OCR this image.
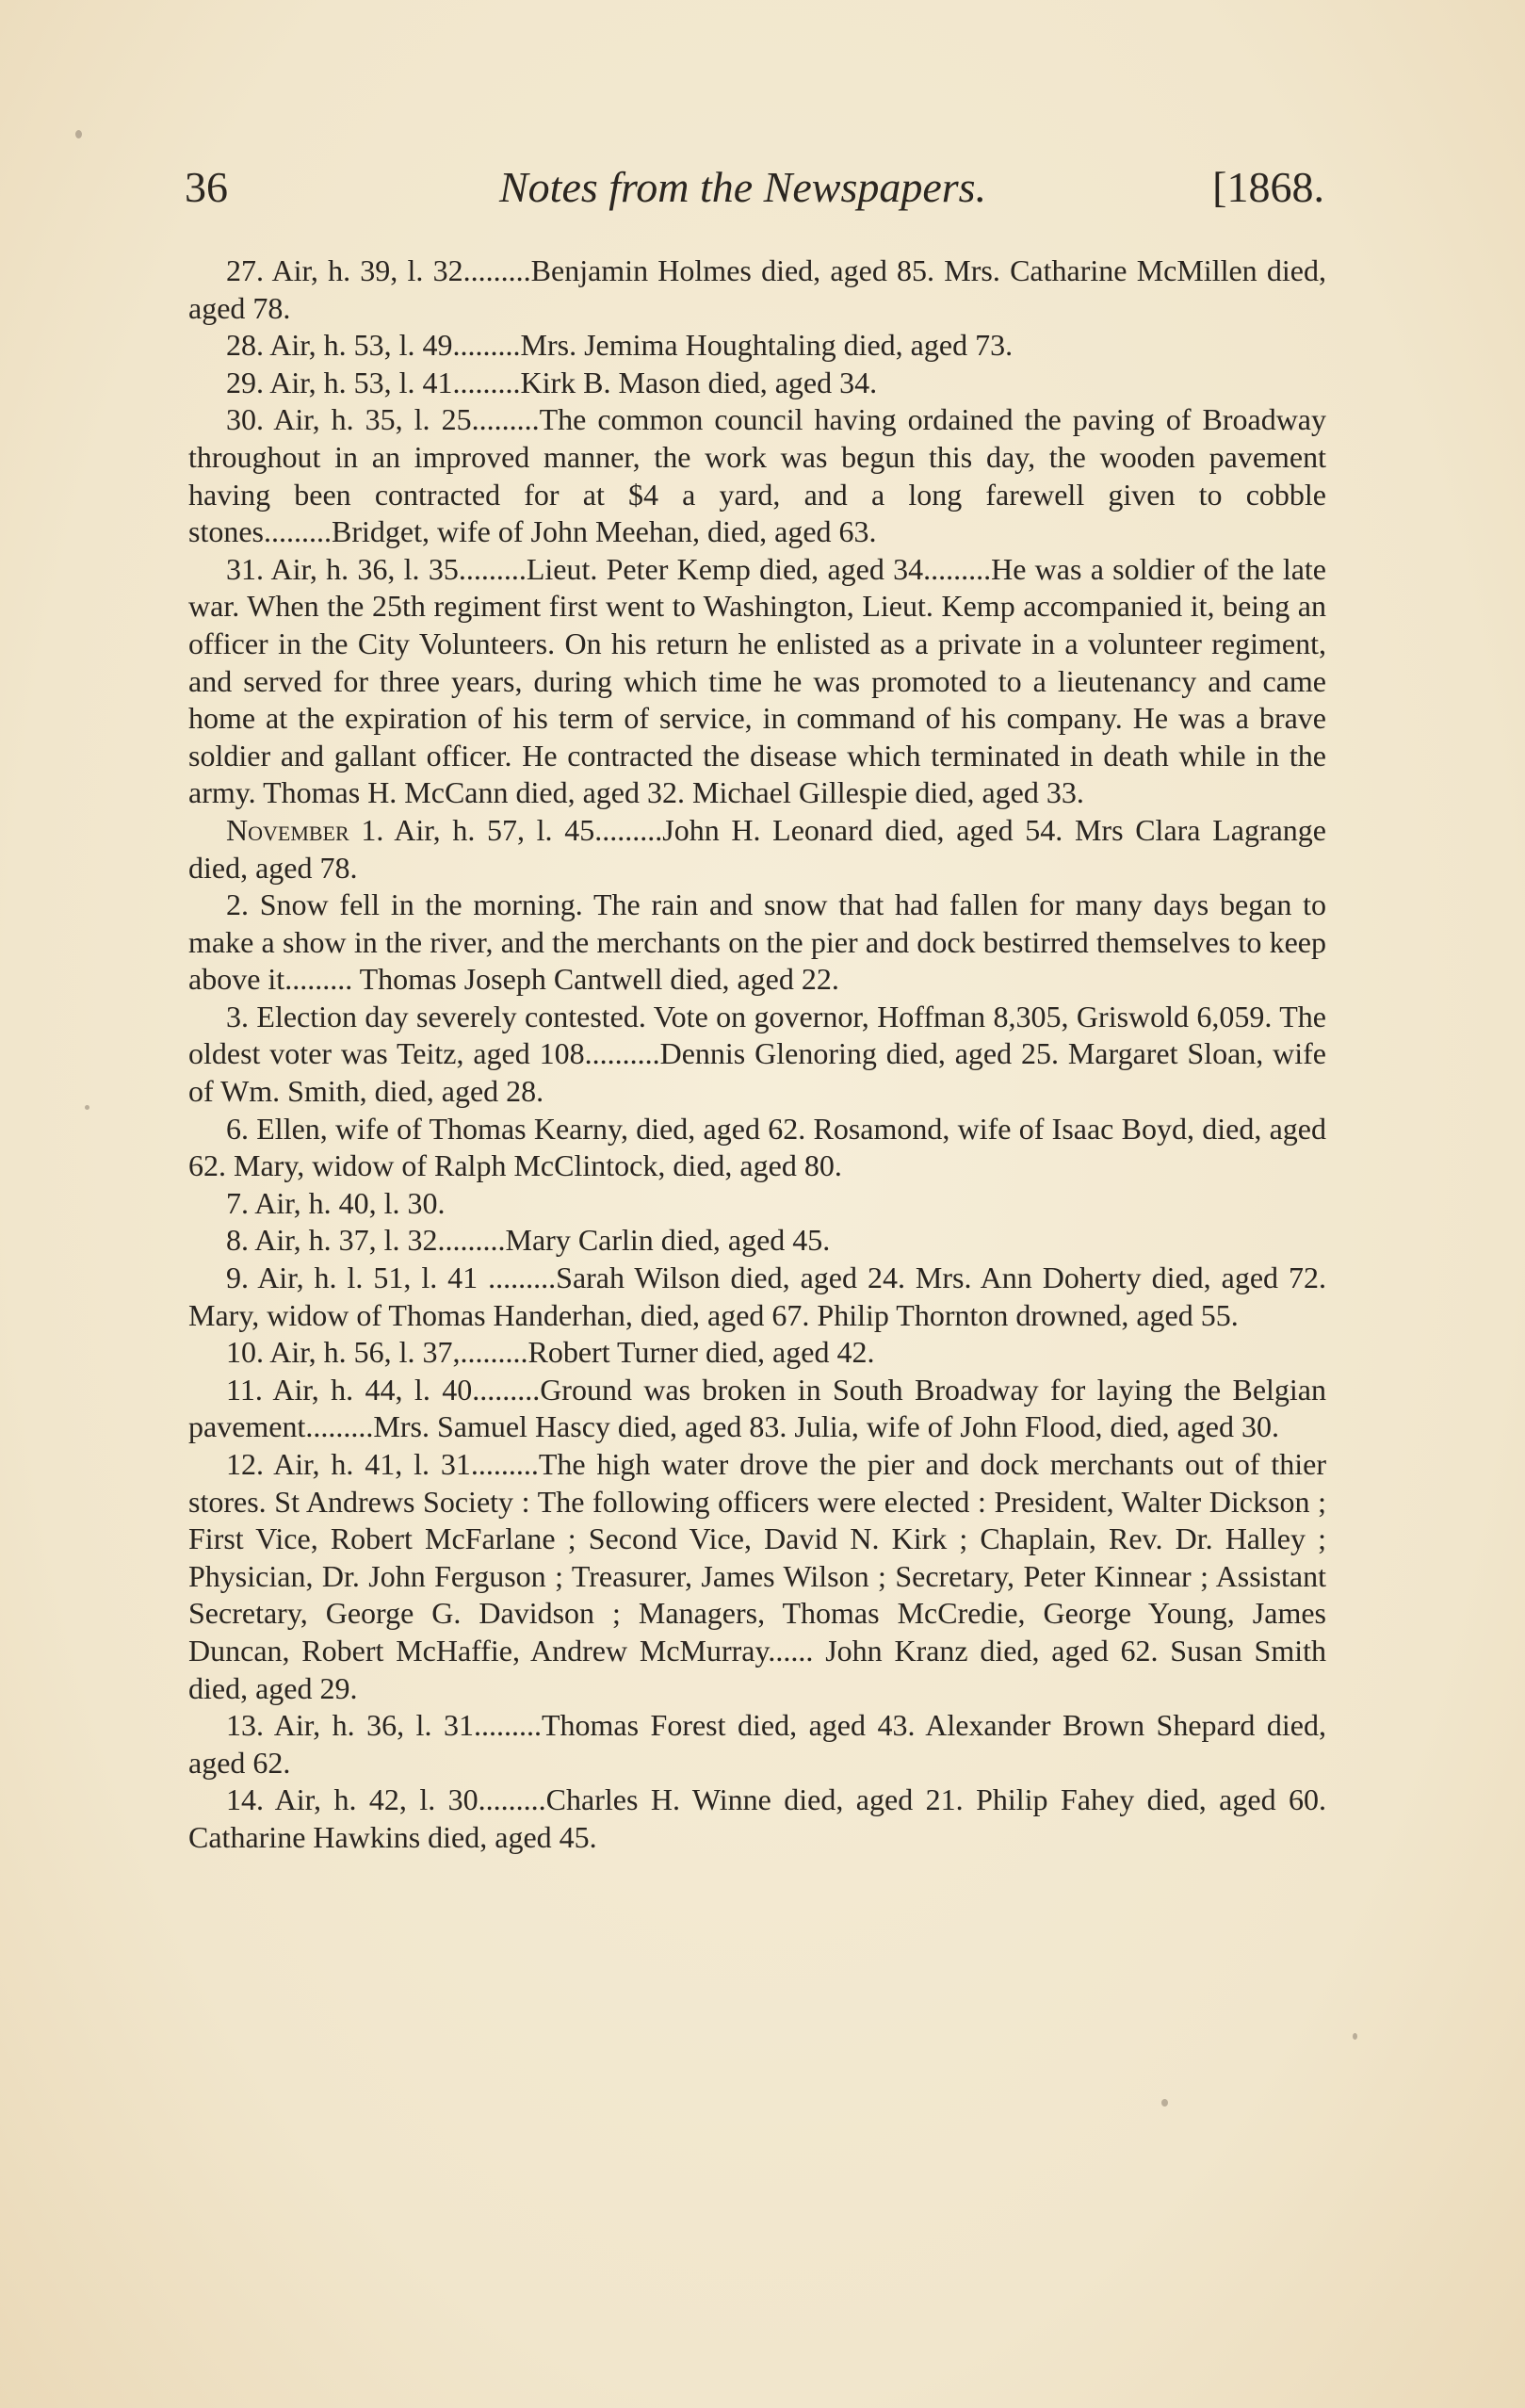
36	Notes from the Newspapers.	[1868.

27. Air, h. 39, l. 32.........Benjamin Holmes died, aged 85. Mrs. Catharine McMillen died, aged 78.

28. Air, h. 53, l. 49.........Mrs. Jemima Houghtaling died, aged 73.

29. Air, h. 53, l. 41.........Kirk B. Mason died, aged 34.

30. Air, h. 35, l. 25.........The common council having ordained the paving of Broadway throughout in an improved manner, the work was begun this day, the wooden pavement having been contracted for at $4 a yard, and a long farewell given to cobble stones.........Bridget, wife of John Meehan, died, aged 63.

31. Air, h. 36, l. 35.........Lieut. Peter Kemp died, aged 34.........He was a soldier of the late war. When the 25th regiment first went to Washington, Lieut. Kemp accompanied it, being an officer in the City Volunteers. On his return he enlisted as a private in a volunteer regiment, and served for three years, during which time he was promoted to a lieutenancy and came home at the expiration of his term of service, in command of his company. He was a brave soldier and gallant officer. He contracted the disease which terminated in death while in the army. Thomas H. McCann died, aged 32. Michael Gillespie died, aged 33.

November 1. Air, h. 57, l. 45.........John H. Leonard died, aged 54. Mrs Clara Lagrange died, aged 78.

2. Snow fell in the morning. The rain and snow that had fallen for many days began to make a show in the river, and the merchants on the pier and dock bestirred themselves to keep above it......... Thomas Joseph Cantwell died, aged 22.

3. Election day severely contested. Vote on governor, Hoffman 8,305, Griswold 6,059. The oldest voter was Teitz, aged 108..........Dennis Glenoring died, aged 25. Margaret Sloan, wife of Wm. Smith, died, aged 28.

6. Ellen, wife of Thomas Kearny, died, aged 62. Rosamond, wife of Isaac Boyd, died, aged 62. Mary, widow of Ralph McClintock, died, aged 80.

7. Air, h. 40, l. 30.

8. Air, h. 37, l. 32.........Mary Carlin died, aged 45.

9. Air, h. l. 51, l. 41 .........Sarah Wilson died, aged 24. Mrs. Ann Doherty died, aged 72. Mary, widow of Thomas Handerhan, died, aged 67. Philip Thornton drowned, aged 55.

10. Air, h. 56, l. 37,.........Robert Turner died, aged 42.

11. Air, h. 44, l. 40.........Ground was broken in South Broadway for laying the Belgian pavement.........Mrs. Samuel Hascy died, aged 83. Julia, wife of John Flood, died, aged 30.

12. Air, h. 41, l. 31.........The high water drove the pier and dock merchants out of thier stores. St Andrews Society : The following officers were elected : President, Walter Dickson ; First Vice, Robert McFarlane ; Second Vice, David N. Kirk ; Chaplain, Rev. Dr. Halley ; Physician, Dr. John Ferguson ; Treasurer, James Wilson ; Secretary, Peter Kinnear ; Assistant Secretary, George G. Davidson ; Managers, Thomas McCredie, George Young, James Duncan, Robert McHaffie, Andrew McMurray...... John Kranz died, aged 62. Susan Smith died, aged 29.

13. Air, h. 36, l. 31.........Thomas Forest died, aged 43. Alexander Brown Shepard died, aged 62.

14. Air, h. 42, l. 30.........Charles H. Winne died, aged 21. Philip Fahey died, aged 60. Catharine Hawkins died, aged 45.
